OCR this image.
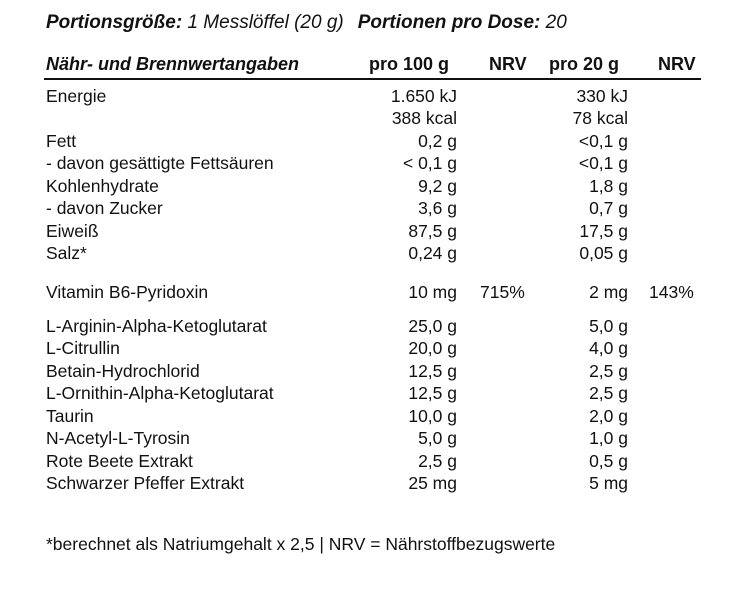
Portionsgröße: 1 Messlöffel (20 g) Portionen pro Dose: 20
Nähr- und Brennwertangaben	pro 100 g NRV pro 20 g NRV
Energie	1.650 kJ	330 kJ
388 kcal	78 kcal
Fett	0,2 g	<0,1 g
- davon gesättigte Fettsäuren	< 0,1 g	<0,1 g
Kohlenhydrate	9,2 g	1,8 g
- davon Zucker	3,6 g	0,7 g
Eiweiß	87,5 g	17,5 g
Salz*	0,24 g	0,05 g
Vitamin B6-Pyridoxin	10 mg 715%	2 mg 143%
L-Arginin-Alpha-Ketoglutarat	25,0 g	5,0 g
L-Citrullin	20,0 g	4,0 g
Betain-Hydrochlorid	12,5 g	2,5 g
L-Ornithin-Alpha-Ketoglutarat	12,5 g	2,5 g
Taurin	10,0 g	2,0 g
N-Acetyl-L-Tyrosin	5,0 g	1,0 g
Rote Beete Extrakt	2,5 g	0,5 g
Schwarzer Pfeffer Extrakt	25 mg	5 mg
*berechnet als Natriumgehalt x 2,5 | NRV = Nährstoffbezugswerte
